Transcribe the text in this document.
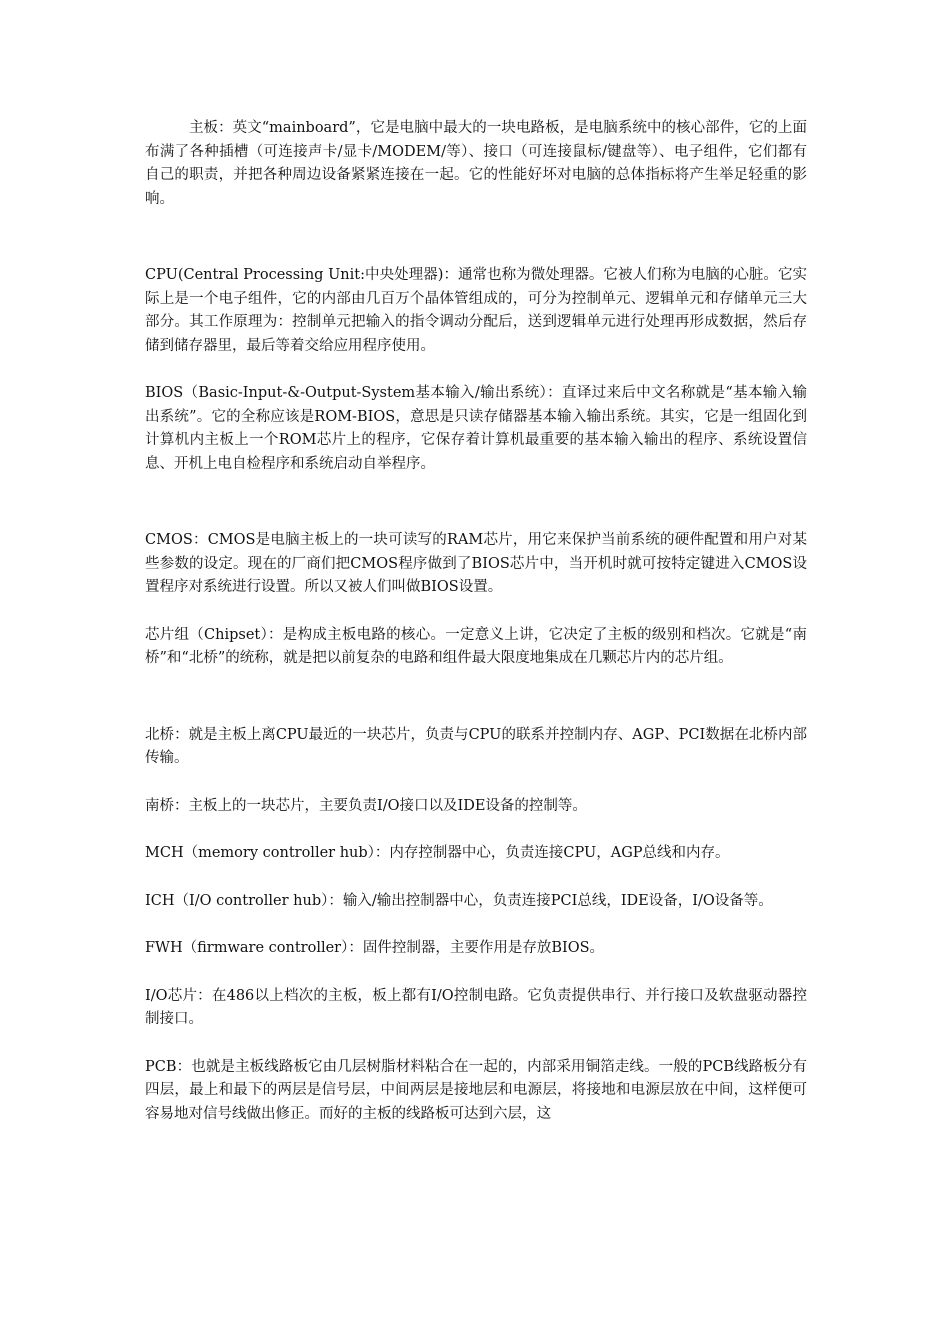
主板：英文“mainboard”，它是电脑中最大的一块电路板，是电脑系统中的核心部件，它的上面布满了各种插槽（可连接声卡/显卡/MODEM/等）、接口（可连接鼠标/键盘等）、电子组件，它们都有自己的职责，并把各种周边设备紧紧连接在一起。它的性能好坏对电脑的总体指标将产生举足轻重的影响。

CPU(Central Processing Unit:中央处理器)：通常也称为微处理器。它被人们称为电脑的心脏。它实际上是一个电子组件，它的内部由几百万个晶体管组成的，可分为控制单元、逻辑单元和存储单元三大部分。其工作原理为：控制单元把输入的指令调动分配后，送到逻辑单元进行处理再形成数据，然后存储到储存器里，最后等着交给应用程序使用。

BIOS（Basic-Input-&-Output-System基本输入/输出系统）：直译过来后中文名称就是“基本输入输出系统”。它的全称应该是ROM-BIOS，意思是只读存储器基本输入输出系统。其实，它是一组固化到计算机内主板上一个ROM芯片上的程序，它保存着计算机最重要的基本输入输出的程序、系统设置信息、开机上电自检程序和系统启动自举程序。

CMOS：CMOS是电脑主板上的一块可读写的RAM芯片，用它来保护当前系统的硬件配置和用户对某些参数的设定。现在的厂商们把CMOS程序做到了BIOS芯片中，当开机时就可按特定键进入CMOS设置程序对系统进行设置。所以又被人们叫做BIOS设置。

芯片组（Chipset）：是构成主板电路的核心。一定意义上讲，它决定了主板的级别和档次。它就是“南桥”和“北桥”的统称，就是把以前复杂的电路和组件最大限度地集成在几颗芯片内的芯片组。

北桥：就是主板上离CPU最近的一块芯片，负责与CPU的联系并控制内存、AGP、PCI数据在北桥内部传输。

南桥：主板上的一块芯片，主要负责I/O接口以及IDE设备的控制等。

MCH（memory controller hub）：内存控制器中心，负责连接CPU，AGP总线和内存。

ICH（I/O controller hub）：输入/输出控制器中心，负责连接PCI总线，IDE设备，I/O设备等。

FWH（firmware controller）：固件控制器，主要作用是存放BIOS。

I/O芯片：在486以上档次的主板，板上都有I/O控制电路。它负责提供串行、并行接口及软盘驱动器控制接口。

PCB：也就是主板线路板它由几层树脂材料粘合在一起的，内部采用铜箔走线。一般的PCB线路板分有四层，最上和最下的两层是信号层，中间两层是接地层和电源层，将接地和电源层放在中间，这样便可容易地对信号线做出修正。而好的主板的线路板可达到六层，这
